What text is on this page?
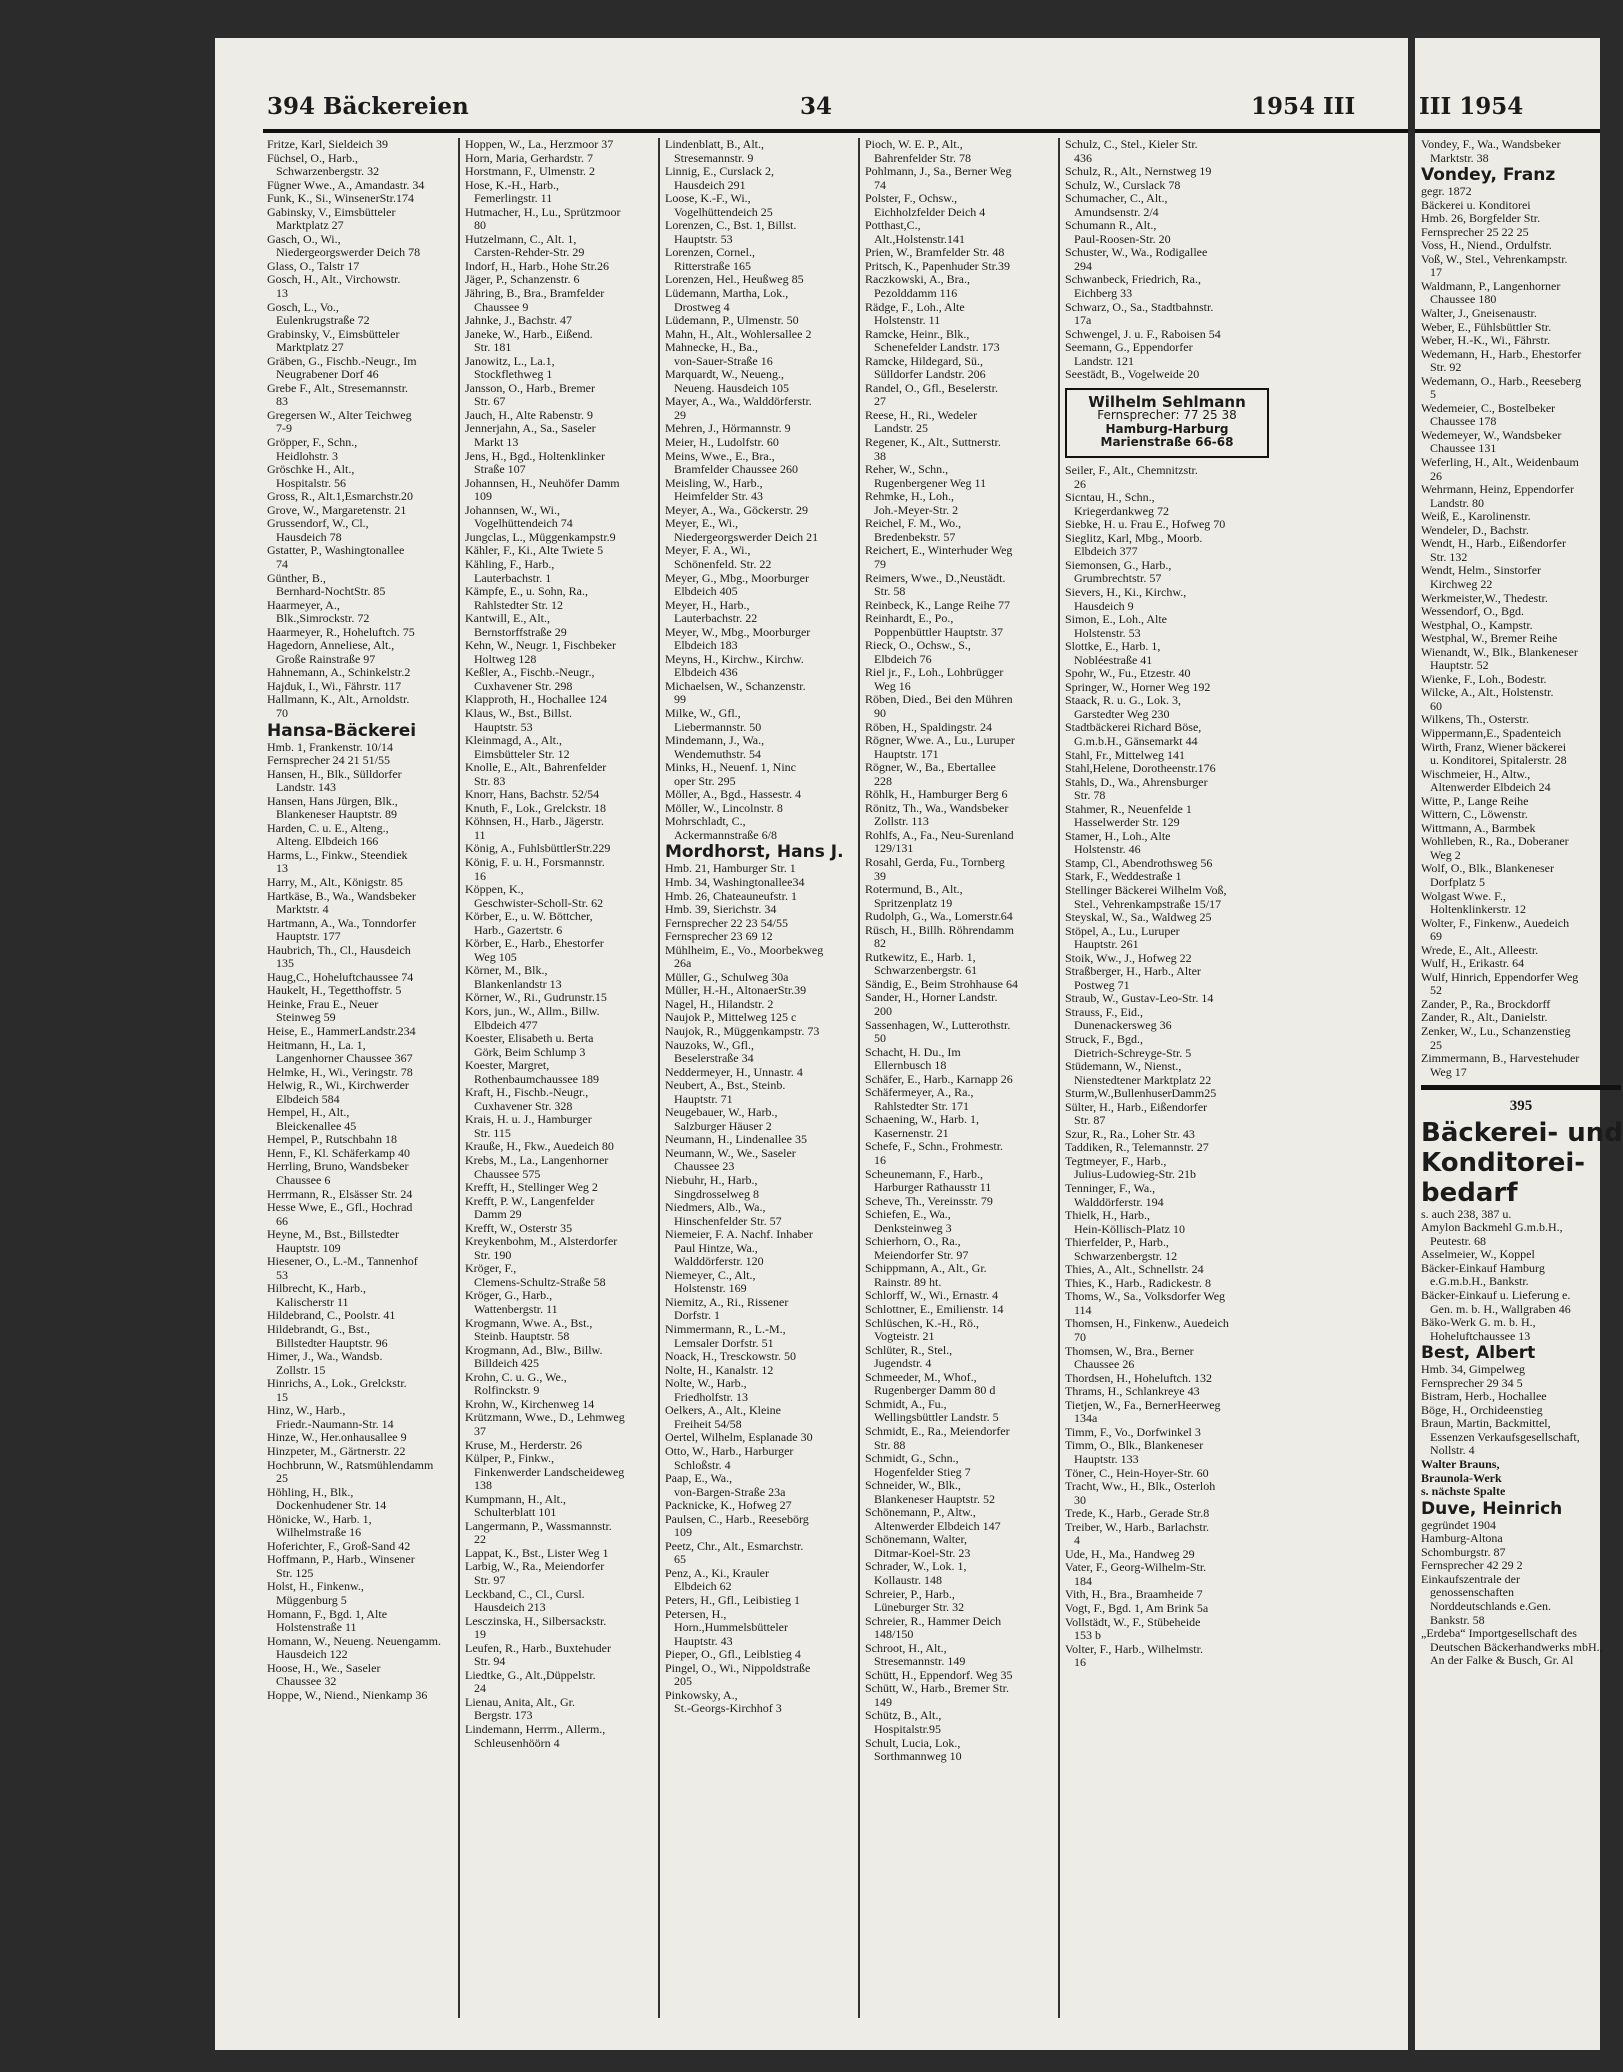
394 Bäckereien	34	1954 III
Fritze, Karl, Sieldeich 39
Füchsel, O., Harb.,
Schwarzenbergstr. 32
Fügner Wwe., A., Amandastr. 34
Funk, K., Si., WinsenerStr.174
Gabinsky, V., Eimsbütteler
Marktplatz 27
Gasch, O., Wi.,
Niedergeorgswerder Deich 78
Glass, O., Talstr 17
Gosch, H., Alt., Virchowstr.
13
Gosch, L., Vo.,
Eulenkrugstraße 72
Grabinsky, V., Eimsbütteler
Marktplatz 27
Gräben, G., Fischb.-Neugr., Im
Neugrabener Dorf 46
Grebe F., Alt., Stresemannstr.
83
Gregersen W., Alter Teichweg
7-9
Gröpper, F., Schn.,
Heidlohstr. 3
Gröschke H., Alt.,
Hospitalstr. 56
Gross, R., Alt.1,Esmarchstr.20
Grove, W., Margaretenstr. 21
Grussendorf, W., Cl.,
Hausdeich 78
Gstatter, P., Washingtonallee
74
Günther, B.,
Bernhard-NochtStr. 85
Haarmeyer, A.,
Blk.,Simrockstr. 72
Haarmeyer, R., Hoheluftch. 75
Hagedorn, Anneliese, Alt.,
Große Rainstraße 97
Hahnemann, A., Schinkelstr.2
Hajduk, I., Wi., Fährstr. 117
Hallmann, K., Alt., Arnoldstr.
70
Hansa-Bäckerei
Hmb. 1, Frankenstr. 10/14
Fernsprecher 24 21 51/55
Hansen, H., Blk., Sülldorfer
Landstr. 143
Hansen, Hans Jürgen, Blk.,
Blankeneser Hauptstr. 89
Harden, C. u. E., Alteng.,
Alteng. Elbdeich 166
Harms, L., Finkw., Steendiek
13
Harry, M., Alt., Königstr. 85
Hartkäse, B., Wa., Wandsbeker
Marktstr. 4
Hartmann, A., Wa., Tonndorfer
Hauptstr. 177
Haubrich, Th., Cl., Hausdeich
135
Haug,C., Hoheluftchaussee 74
Haukelt, H., Tegetthoffstr. 5
Heinke, Frau E., Neuer
Steinweg 59
Heise, E., HammerLandstr.234
Heitmann, H., La. 1,
Langenhorner Chaussee 367
Helmke, H., Wi., Veringstr. 78
Helwig, R., Wi., Kirchwerder
Elbdeich 584
Hempel, H., Alt.,
Bleickenallee 45
Hempel, P., Rutschbahn 18
Henn, F., Kl. Schäferkamp 40
Herrling, Bruno, Wandsbeker
Chaussee 6
Herrmann, R., Elsässer Str. 24
Hesse Wwe, E., Gfl., Hochrad
66
Heyne, M., Bst., Billstedter
Hauptstr. 109
Hiesener, O., L.-M., Tannenhof
53
Hilbrecht, K., Harb.,
Kalischerstr 11
Hildebrand, C., Poolstr. 41
Hildebrandt, G., Bst.,
Billstedter Hauptstr. 96
Himer, J., Wa., Wandsb.
Zollstr. 15
Hinrichs, A., Lok., Grelckstr.
15
Hinz, W., Harb.,
Friedr.-Naumann-Str. 14
Hinze, W., Her.onhausallee 9
Hinzpeter, M., Gärtnerstr. 22
Hochbrunn, W., Ratsmühlendamm
25
Höhling, H., Blk.,
Dockenhudener Str. 14
Hönicke, W., Harb. 1,
Wilhelmstraße 16
Hoferichter, F., Groß-Sand 42
Hoffmann, P., Harb., Winsener
Str. 125
Holst, H., Finkenw.,
Müggenburg 5
Homann, F., Bgd. 1, Alte
Holstenstraße 11
Homann, W., Neueng. Neuengamm.
Hausdeich 122
Hoose, H., We., Saseler
Chaussee 32
Hoppe, W., Niend., Nienkamp 36
Hoppen, W., La., Herzmoor 37
Horn, Maria, Gerhardstr. 7
Horstmann, F., Ulmenstr. 2
Hose, K.-H., Harb.,
Femerlingstr. 11
Hutmacher, H., Lu., Sprützmoor
80
Hutzelmann, C., Alt. 1,
Carsten-Rehder-Str. 29
Indorf, H., Harb., Hohe Str.26
Jäger, P., Schanzenstr. 6
Jähring, B., Bra., Bramfelder
Chaussee 9
Jahnke, J., Bachstr. 47
Janeke, W., Harb., Eißend.
Str. 181
Janowitz, L., La.1,
Stockflethweg 1
Jansson, O., Harb., Bremer
Str. 67
Jauch, H., Alte Rabenstr. 9
Jennerjahn, A., Sa., Saseler
Markt 13
Jens, H., Bgd., Holtenklinker
Straße 107
Johannsen, H., Neuhöfer Damm
109
Johannsen, W., Wi.,
Vogelhüttendeich 74
Jungclas, L., Müggenkampstr.9
Kähler, F., Ki., Alte Twiete 5
Kähling, F., Harb.,
Lauterbachstr. 1
Kämpfe, E., u. Sohn, Ra.,
Rahlstedter Str. 12
Kantwill, E., Alt.,
Bernstorffstraße 29
Kehn, W., Neugr. 1, Fischbeker
Holtweg 128
Keßler, A., Fischb.-Neugr.,
Cuxhavener Str. 298
Klapproth, H., Hochallee 124
Klaus, W., Bst., Billst.
Hauptstr. 53
Kleinmagd, A., Alt.,
Eimsbütteler Str. 12
Knolle, E., Alt., Bahrenfelder
Str. 83
Knorr, Hans, Bachstr. 52/54
Knuth, F., Lok., Grelckstr. 18
Köhnsen, H., Harb., Jägerstr.
11
König, A., FuhlsbüttlerStr.229
König, F. u. H., Forsmannstr.
16
Köppen, K.,
Geschwister-Scholl-Str. 62
Körber, E., u. W. Böttcher,
Harb., Gazertstr. 6
Körber, E., Harb., Ehestorfer
Weg 105
Körner, M., Blk.,
Blankenlandstr 13
Körner, W., Ri., Gudrunstr.15
Kors, jun., W., Allm., Billw.
Elbdeich 477
Koester, Elisabeth u. Berta
Görk, Beim Schlump 3
Koester, Margret,
Rothenbaumchaussee 189
Kraft, H., Fischb.-Neugr.,
Cuxhavener Str. 328
Krais, H. u. J., Hamburger
Str. 115
Krauße, H., Fkw., Auedeich 80
Krebs, M., La., Langenhorner
Chaussee 575
Krefft, H., Stellinger Weg 2
Krefft, P. W., Langenfelder
Damm 29
Krefft, W., Osterstr 35
Kreykenbohm, M., Alsterdorfer
Str. 190
Kröger, F.,
Clemens-Schultz-Straße 58
Kröger, G., Harb.,
Wattenbergstr. 11
Krogmann, Wwe. A., Bst.,
Steinb. Hauptstr. 58
Krogmann, Ad., Blw., Billw.
Billdeich 425
Krohn, C. u. G., We.,
Rolfinckstr. 9
Krohn, W., Kirchenweg 14
Krützmann, Wwe., D., Lehmweg
37
Kruse, M., Herderstr. 26
Külper, P., Finkw.,
Finkenwerder Landscheideweg
138
Kumpmann, H., Alt.,
Schulterblatt 101
Langermann, P., Wassmannstr.
22
Lappat, K., Bst., Lister Weg 1
Larbig, W., Ra., Meiendorfer
Str. 97
Leckband, C., Cl., Cursl.
Hausdeich 213
Lesczinska, H., Silbersackstr.
19
Leufen, R., Harb., Buxtehuder
Str. 94
Liedtke, G., Alt.,Düppelstr.
24
Lienau, Anita, Alt., Gr.
Bergstr. 173
Lindemann, Herrm., Allerm.,
Schleusenhöörn 4
Lindenblatt, B., Alt.,
Stresemannstr. 9
Linnig, E., Curslack 2,
Hausdeich 291
Loose, K.-F., Wi.,
Vogelhüttendeich 25
Lorenzen, C., Bst. 1, Billst.
Hauptstr. 53
Lorenzen, Cornel.,
Ritterstraße 165
Lorenzen, Hel., Heußweg 85
Lüdemann, Martha, Lok.,
Drostweg 4
Lüdemann, P., Ulmenstr. 50
Mahn, H., Alt., Wohlersallee 2
Mahnecke, H., Ba.,
von-Sauer-Straße 16
Marquardt, W., Neueng.,
Neueng. Hausdeich 105
Mayer, A., Wa., Walddörferstr.
29
Mehren, J., Hörmannstr. 9
Meier, H., Ludolfstr. 60
Meins, Wwe., E., Bra.,
Bramfelder Chaussee 260
Meisling, W., Harb.,
Heimfelder Str. 43
Meyer, A., Wa., Göckerstr. 29
Meyer, E., Wi.,
Niedergeorgswerder Deich 21
Meyer, F. A., Wi.,
Schönenfeld. Str. 22
Meyer, G., Mbg., Moorburger
Elbdeich 405
Meyer, H., Harb.,
Lauterbachstr. 22
Meyer, W., Mbg., Moorburger
Elbdeich 183
Meyns, H., Kirchw., Kirchw.
Elbdeich 436
Michaelsen, W., Schanzenstr.
99
Milke, W., Gfl.,
Liebermannstr. 50
Mindemann, J., Wa.,
Wendemuthstr. 54
Minks, H., Neuenf. 1, Ninc
oper Str. 295
Möller, A., Bgd., Hassestr. 4
Möller, W., Lincolnstr. 8
Mohrschladt, C.,
Ackermannstraße 6/8
Mordhorst, Hans J.
Hmb. 21, Hamburger Str. 1
Hmb. 34, Washingtonallee34
Hmb. 26, Chateauneufstr. 1
Hmb. 39, Sierichstr. 34
Fernsprecher 22 23 54/55
Fernsprecher 23 69 12
Mühlheim, E., Vo., Moorbekweg
26a
Müller, G., Schulweg 30a
Müller, H.-H., AltonaerStr.39
Nagel, H., Hilandstr. 2
Naujok P., Mittelweg 125 c
Naujok, R., Müggenkampstr. 73
Nauzoks, W., Gfl.,
Beselerstraße 34
Neddermeyer, H., Unnastr. 4
Neubert, A., Bst., Steinb.
Hauptstr. 71
Neugebauer, W., Harb.,
Salzburger Häuser 2
Neumann, H., Lindenallee 35
Neumann, W., We., Saseler
Chaussee 23
Niebuhr, H., Harb.,
Singdrosselweg 8
Niedmers, Alb., Wa.,
Hinschenfelder Str. 57
Niemeier, F. A. Nachf. Inhaber
Paul Hintze, Wa.,
Walddörferstr. 120
Niemeyer, C., Alt.,
Holstenstr. 169
Niemitz, A., Ri., Rissener
Dorfstr. 1
Nimmermann, R., L.-M.,
Lemsaler Dorfstr. 51
Noack, H., Tresckowstr. 50
Nolte, H., Kanalstr. 12
Nolte, W., Harb.,
Friedholfstr. 13
Oelkers, A., Alt., Kleine
Freiheit 54/58
Oertel, Wilhelm, Esplanade 30
Otto, W., Harb., Harburger
Schloßstr. 4
Paap, E., Wa.,
von-Bargen-Straße 23a
Packnicke, K., Hofweg 27
Paulsen, C., Harb., Reesebörg
109
Peetz, Chr., Alt., Esmarchstr.
65
Penz, A., Ki., Krauler
Elbdeich 62
Peters, H., Gfl., Leibistieg 1
Petersen, H.,
Horn.,Hummelsbütteler
Hauptstr. 43
Pieper, O., Gfl., Leiblstieg 4
Pingel, O., Wi., Nippoldstraße
205
Pinkowsky, A.,
St.-Georgs-Kirchhof 3
Pioch, W. E. P., Alt.,
Bahrenfelder Str. 78
Pohlmann, J., Sa., Berner Weg
74
Polster, F., Ochsw.,
Eichholzfelder Deich 4
Potthast,C.,
Alt.,Holstenstr.141
Prien, W., Bramfelder Str. 48
Pritsch, K., Papenhuder Str.39
Raczkowski, A., Bra.,
Pezolddamm 116
Rädge, F., Loh., Alte
Holstenstr. 11
Ramcke, Heinr., Blk.,
Schenefelder Landstr. 173
Ramcke, Hildegard, Sü.,
Sülldorfer Landstr. 206
Randel, O., Gfl., Beselerstr.
27
Reese, H., Ri., Wedeler
Landstr. 25
Regener, K., Alt., Suttnerstr.
38
Reher, W., Schn.,
Rugenbergener Weg 11
Rehmke, H., Loh.,
Joh.-Meyer-Str. 2
Reichel, F. M., Wo.,
Bredenbekstr. 57
Reichert, E., Winterhuder Weg
79
Reimers, Wwe., D.,Neustädt.
Str. 58
Reinbeck, K., Lange Reihe 77
Reinhardt, E., Po.,
Poppenbüttler Hauptstr. 37
Rieck, O., Ochsw., S.,
Elbdeich 76
Riel jr., F., Loh., Lohbrügger
Weg 16
Röben, Died., Bei den Mühren
90
Röben, H., Spaldingstr. 24
Rögner, Wwe. A., Lu., Luruper
Hauptstr. 171
Rögner, W., Ba., Ebertallee
228
Röhlk, H., Hamburger Berg 6
Rönitz, Th., Wa., Wandsbeker
Zollstr. 113
Rohlfs, A., Fa., Neu-Surenland
129/131
Rosahl, Gerda, Fu., Tornberg
39
Rotermund, B., Alt.,
Spritzenplatz 19
Rudolph, G., Wa., Lomerstr.64
Rüsch, H., Billh. Röhrendamm
82
Rutkewitz, E., Harb. 1,
Schwarzenbergstr. 61
Sändig, E., Beim Strohhause 64
Sander, H., Horner Landstr.
200
Sassenhagen, W., Lutterothstr.
50
Schacht, H. Du., Im
Ellernbusch 18
Schäfer, E., Harb., Karnapp 26
Schäfermeyer, A., Ra.,
Rahlstedter Str. 171
Schaening, W., Harb. 1,
Kasernenstr. 21
Schefe, F., Schn., Frohmestr.
16
Scheunemann, F., Harb.,
Harburger Rathausstr 11
Scheve, Th., Vereinsstr. 79
Schiefen, E., Wa.,
Denksteinweg 3
Schierhorn, O., Ra.,
Meiendorfer Str. 97
Schippmann, A., Alt., Gr.
Rainstr. 89 ht.
Schlorff, W., Wi., Ernastr. 4
Schlottner, E., Emilienstr. 14
Schlüschen, K.-H., Rö.,
Vogteistr. 21
Schlüter, R., Stel.,
Jugendstr. 4
Schmeeder, M., Whof.,
Rugenberger Damm 80 d
Schmidt, A., Fu.,
Wellingsbüttler Landstr. 5
Schmidt, E., Ra., Meiendorfer
Str. 88
Schmidt, G., Schn.,
Hogenfelder Stieg 7
Schneider, W., Blk.,
Blankeneser Hauptstr. 52
Schönemann, P., Altw.,
Altenwerder Elbdeich 147
Schönemann, Walter,
Ditmar-Koel-Str. 23
Schrader, W., Lok. 1,
Kollaustr. 148
Schreier, P., Harb.,
Lüneburger Str. 32
Schreier, R., Hammer Deich
148/150
Schroot, H., Alt.,
Stresemannstr. 149
Schütt, H., Eppendorf. Weg 35
Schütt, W., Harb., Bremer Str.
149
Schütz, B., Alt.,
Hospitalstr.95
Schult, Lucia, Lok.,
Sorthmannweg 10
Schulz, C., Stel., Kieler Str.
436
Schulz, R., Alt., Nernstweg 19
Schulz, W., Curslack 78
Schumacher, C., Alt.,
Amundsenstr. 2/4
Schumann R., Alt.,
Paul-Roosen-Str. 20
Schuster, W., Wa., Rodigallee
294
Schwanbeck, Friedrich, Ra.,
Eichberg 33
Schwarz, O., Sa., Stadtbahnstr.
17a
Schwengel, J. u. F., Raboisen 54
Seemann, G., Eppendorfer
Landstr. 121
Seestädt, B., Vogelweide 20
Wilhelm Sehlmann
Fernsprecher: 77 25 38
Hamburg-Harburg
Marienstraße 66-68
Seiler, F., Alt., Chemnitzstr.
26
Sicntau, H., Schn.,
Kriegerdankweg 72
Siebke, H. u. Frau E., Hofweg 70
Sieglitz, Karl, Mbg., Moorb.
Elbdeich 377
Siemonsen, G., Harb.,
Grumbrechtstr. 57
Sievers, H., Ki., Kirchw.,
Hausdeich 9
Simon, E., Loh., Alte
Holstenstr. 53
Slottke, E., Harb. 1,
Nobléestraße 41
Spohr, W., Fu., Etzestr. 40
Springer, W., Horner Weg 192
Staack, R. u. G., Lok. 3,
Garstedter Weg 230
Stadtbäckerei Richard Böse,
G.m.b.H., Gänsemarkt 44
Stahl, Fr., Mittelweg 141
Stahl,Helene, Dorotheenstr.176
Stahls, D., Wa., Ahrensburger
Str. 78
Stahmer, R., Neuenfelde 1
Hasselwerder Str. 129
Stamer, H., Loh., Alte
Holstenstr. 46
Stamp, Cl., Abendrothsweg 56
Stark, F., Weddestraße 1
Stellinger Bäckerei Wilhelm Voß,
Stel., Vehrenkampstraße 15/17
Steyskal, W., Sa., Waldweg 25
Stöpel, A., Lu., Luruper
Hauptstr. 261
Stoik, Ww., J., Hofweg 22
Straßberger, H., Harb., Alter
Postweg 71
Straub, W., Gustav-Leo-Str. 14
Strauss, F., Eid.,
Dunenackersweg 36
Struck, F., Bgd.,
Dietrich-Schreyge-Str. 5
Stüdemann, W., Nienst.,
Nienstedtener Marktplatz 22
Sturm,W.,BullenhuserDamm25
Sülter, H., Harb., Eißendorfer
Str. 87
Szur, R., Ra., Loher Str. 43
Taddiken, R., Telemannstr. 27
Tegtmeyer, F., Harb.,
Julius-Ludowieg-Str. 21b
Tenninger, F., Wa.,
Walddörferstr. 194
Thielk, H., Harb.,
Hein-Köllisch-Platz 10
Thierfelder, P., Harb.,
Schwarzenbergstr. 12
Thies, A., Alt., Schnellstr. 24
Thies, K., Harb., Radickestr. 8
Thoms, W., Sa., Volksdorfer Weg
114
Thomsen, H., Finkenw., Auedeich
70
Thomsen, W., Bra., Berner
Chaussee 26
Thordsen, H., Hoheluftch. 132
Thrams, H., Schlankreye 43
Tietjen, W., Fa., BernerHeerweg
134a
Timm, F., Vo., Dorfwinkel 3
Timm, O., Blk., Blankeneser
Hauptstr. 133
Töner, C., Hein-Hoyer-Str. 60
Tracht, Ww., H., Blk., Osterloh
30
Trede, K., Harb., Gerade Str.8
Treiber, W., Harb., Barlachstr.
4
Ude, H., Ma., Handweg 29
Vater, F., Georg-Wilhelm-Str.
184
Vith, H., Bra., Braamheide 7
Vogt, F., Bgd. 1, Am Brink 5a
Vollstädt, W., F., Stübeheide
153 b
Volter, F., Harb., Wilhelmstr.
16
III 1954
Vondey, F., Wa., Wandsbeker
Marktstr. 38
Vondey, Franz
gegr. 1872
Bäckerei u. Konditorei
Hmb. 26, Borgfelder Str.
Fernsprecher 25 22 25
Voss, H., Niend., Ordulfstr.
Voß, W., Stel., Vehrenkampstr.
17
Waldmann, P., Langenhorner
Chaussee 180
Walter, J., Gneisenaustr.
Weber, E., Fühlsbüttler Str.
Weber, H.-K., Wi., Fährstr.
Wedemann, H., Harb., Ehestorfer
Str. 92
Wedemann, O., Harb., Reeseberg
5
Wedemeier, C., Bostelbeker
Chaussee 178
Wedemeyer, W., Wandsbeker
Chaussee 131
Weferling, H., Alt., Weidenbaum
26
Wehrmann, Heinz, Eppendorfer
Landstr. 80
Weiß, E., Karolinenstr.
Wendeler, D., Bachstr.
Wendt, H., Harb., Eißendorfer
Str. 132
Wendt, Helm., Sinstorfer
Kirchweg 22
Werkmeister,W., Thedestr.
Wessendorf, O., Bgd.
Westphal, O., Kampstr.
Westphal, W., Bremer Reihe
Wienandt, W., Blk., Blankeneser
Hauptstr. 52
Wienke, F., Loh., Bodestr.
Wilcke, A., Alt., Holstenstr.
60
Wilkens, Th., Osterstr.
Wippermann,E., Spadenteich
Wirth, Franz, Wiener bäckerei
u. Konditorei, Spitalerstr. 28
Wischmeier, H., Altw.,
Altenwerder Elbdeich 24
Witte, P., Lange Reihe
Wittern, C., Löwenstr.
Wittmann, A., Barmbek
Wohlleben, R., Ra., Doberaner
Weg 2
Wolf, O., Blk., Blankeneser
Dorfplatz 5
Wolgast Wwe. F.,
Holtenklinkerstr. 12
Wolter, F., Finkenw., Auedeich
69
Wrede, E., Alt., Alleestr.
Wulf, H., Erikastr. 64
Wulf, Hinrich, Eppendorfer Weg
52
Zander, P., Ra., Brockdorff
Zander, R., Alt., Danielstr.
Zenker, W., Lu., Schanzenstieg
25
Zimmermann, B., Harvestehuder
Weg 17
395
Bäckerei- und
Konditorei-
bedarf
s. auch 238, 387 u.
Amylon Backmehl G.m.b.H.,
Peutestr. 68
Asselmeier, W., Koppel
Bäcker-Einkauf Hamburg
e.G.m.b.H., Bankstr.
Bäcker-Einkauf u. Lieferung e.
Gen. m. b. H., Wallgraben 46
Bäko-Werk G. m. b. H.,
Hoheluftchaussee 13
Best, Albert
Hmb. 34, Gimpelweg
Fernsprecher 29 34 5
Bistram, Herb., Hochallee
Böge, H., Orchideenstieg
Braun, Martin, Backmittel,
Essenzen Verkaufsgesellschaft,
Nollstr. 4
Walter Brauns,
Braunola-Werk
s. nächste Spalte
Duve, Heinrich
gegründet 1904
Hamburg-Altona
Schomburgstr. 87
Fernsprecher 42 29 2
Einkaufszentrale der
genossenschaften
Norddeutschlands e.Gen.
Bankstr. 58
„Erdeba“ Importgesellschaft des
Deutschen Bäckerhandwerks mbH.,
An der Falke & Busch, Gr. Al
